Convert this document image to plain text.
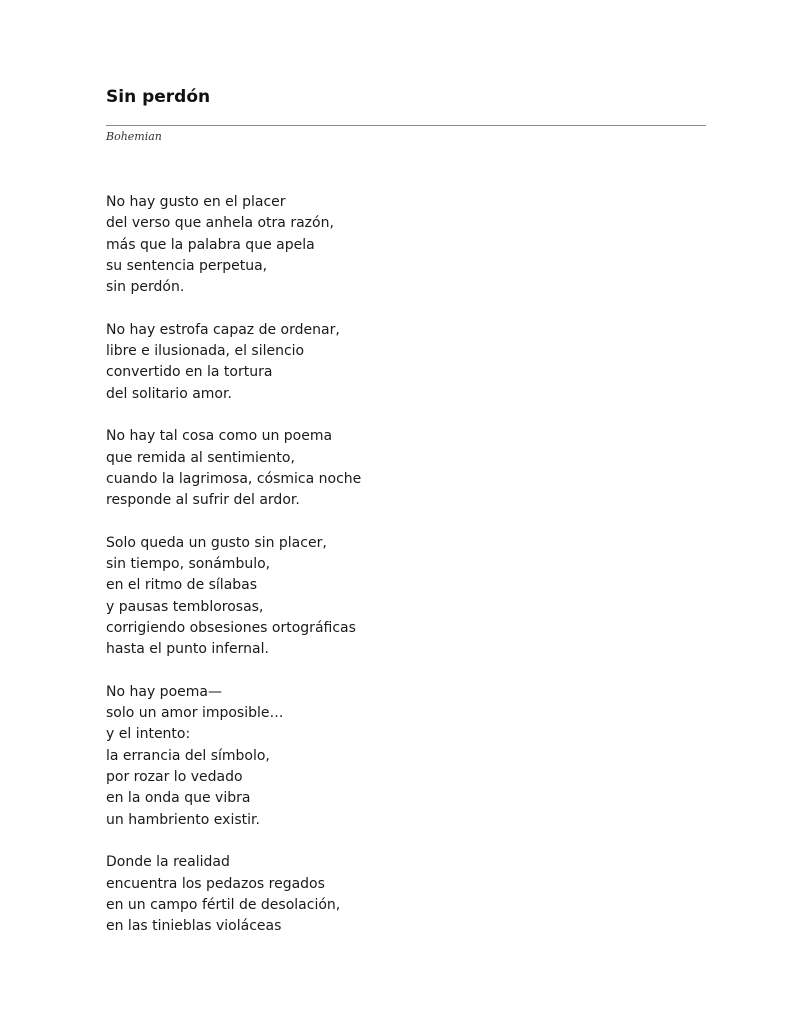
Sin perdón
Bohemian
No hay gusto en el placer
del verso que anhela otra razón,
más que la palabra que apela
su sentencia perpetua,
sin perdón.
No hay estrofa capaz de ordenar,
libre e ilusionada, el silencio
convertido en la tortura
del solitario amor.
No hay tal cosa como un poema
que remida al sentimiento,
cuando la lagrimosa, cósmica noche
responde al sufrir del ardor.
Solo queda un gusto sin placer,
sin tiempo, sonámbulo,
en el ritmo de sílabas
y pausas temblorosas,
corrigiendo obsesiones ortográficas
hasta el punto infernal.
No hay poema—
solo un amor imposible…
y el intento:
la errancia del símbolo,
por rozar lo vedado
en la onda que vibra
un hambriento existir.
Donde la realidad
encuentra los pedazos regados
en un campo fértil de desolación,
en las tinieblas violáceas
